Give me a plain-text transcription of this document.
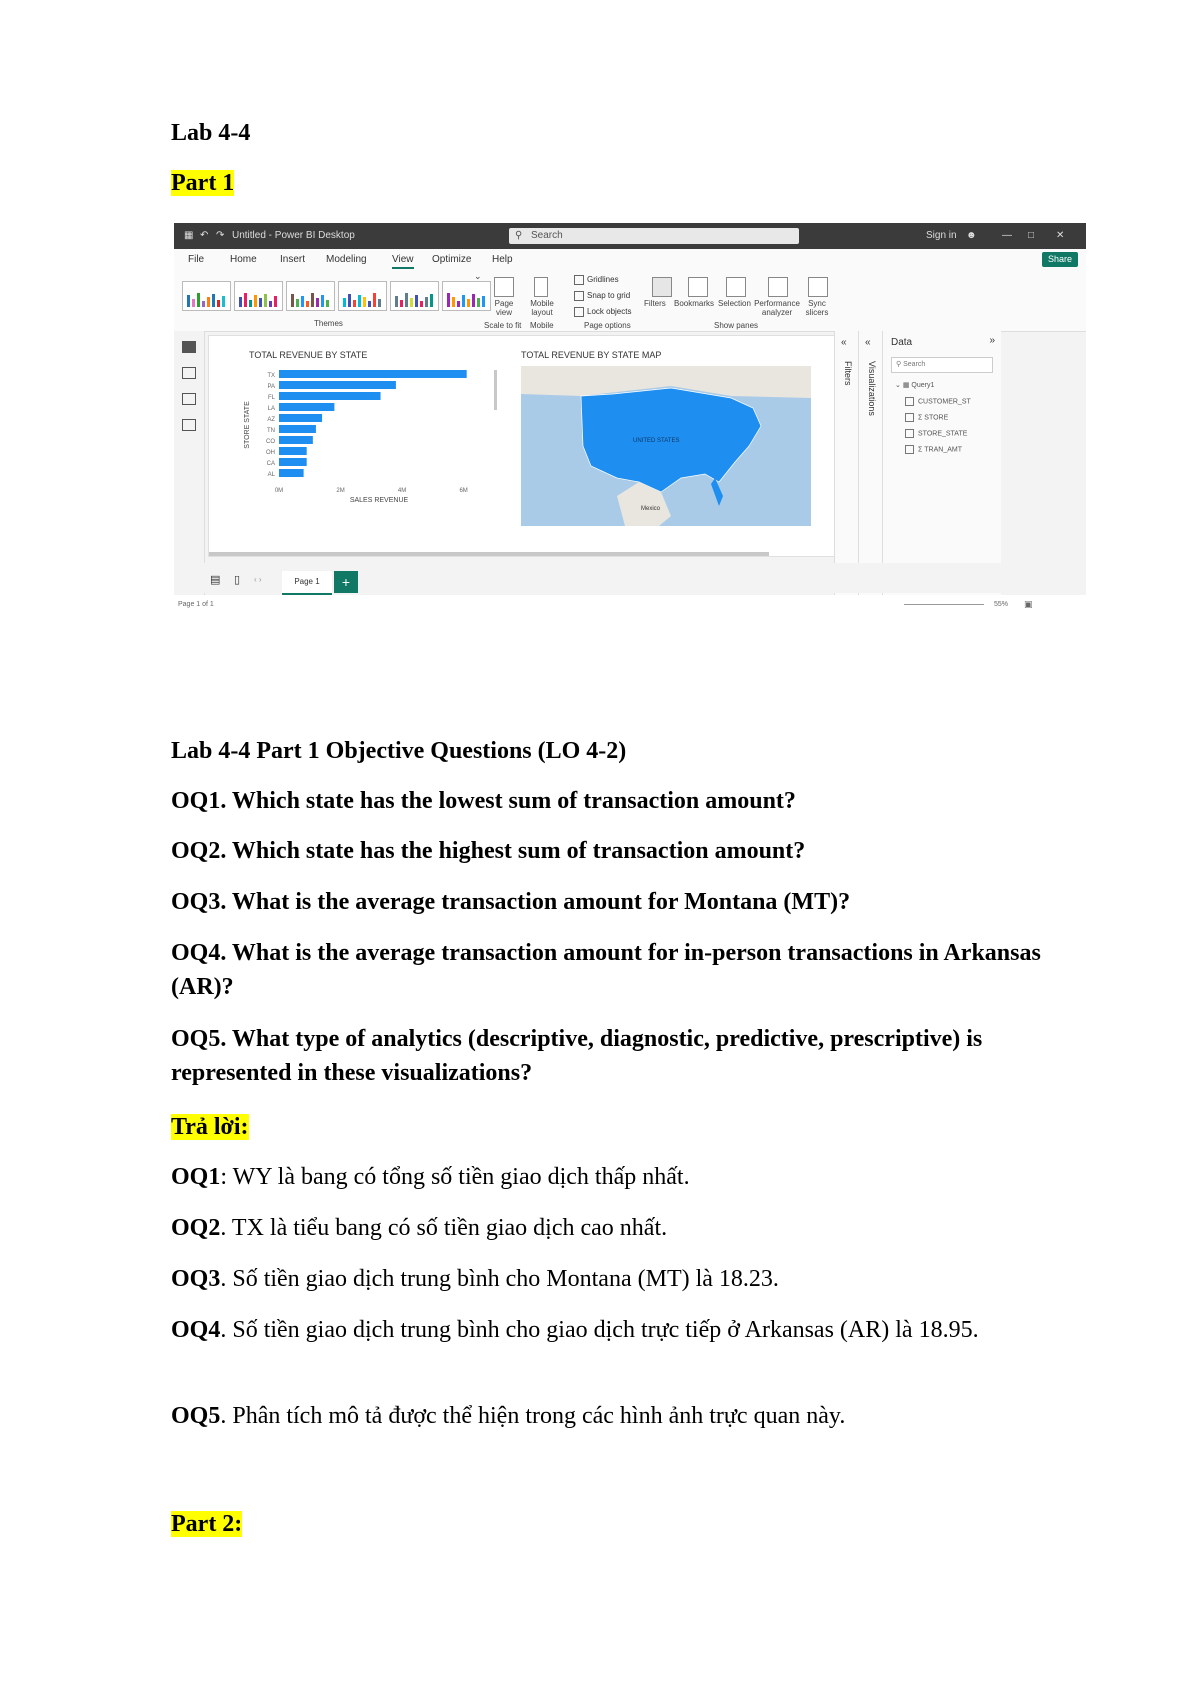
Lab 4-4
Part 1
▦ ↶ ↷ Untitled - Power BI Desktop	⚲ Search	Sign in ☻	— □ ✕
File	Home Insert Modeling	View Optimize Help	Share
⌄
Themes
Page view
Mobile layout
Scale to fit Mobile
Gridlines
Snap to grid
Lock objects
Page options
Filters Bookmarks Selection Performance analyzer
Sync slicers
Show panes
TOTAL REVENUE BY STATE
TX
PA
FL
LA
AZ
TN
CO
OH
CA
AL
0M	2M	4M	6M
SALES REVENUE
STORE STATE
TOTAL REVENUE BY STATE MAP
UNITED STATES
Mexico
«
Filters
«
Visualizations
Data	»
⚲ Search
⌄ ▦ Query1
CUSTOMER_ST
Σ STORE
STORE_STATE
Σ TRAN_AMT
▤ ▯ ‹ ›	Page 1	+
Page 1 of 1	55% ▣
Lab 4-4 Part 1 Objective Questions (LO 4-2)
OQ1. Which state has the lowest sum of transaction amount?
OQ2. Which state has the highest sum of transaction amount?
OQ3. What is the average transaction amount for Montana (MT)?
OQ4. What is the average transaction amount for in-person transactions in Arkansas (AR)?
OQ5. What type of analytics (descriptive, diagnostic, predictive, prescriptive) is represented in these visualizations?
Trả lời:
OQ1: WY là bang có tổng số tiền giao dịch thấp nhất.
OQ2. TX là tiểu bang có số tiền giao dịch cao nhất.
OQ3. Số tiền giao dịch trung bình cho Montana (MT) là 18.23.
OQ4. Số tiền giao dịch trung bình cho giao dịch trực tiếp ở Arkansas (AR) là 18.95.
OQ5. Phân tích mô tả được thể hiện trong các hình ảnh trực quan này.
Part 2:
